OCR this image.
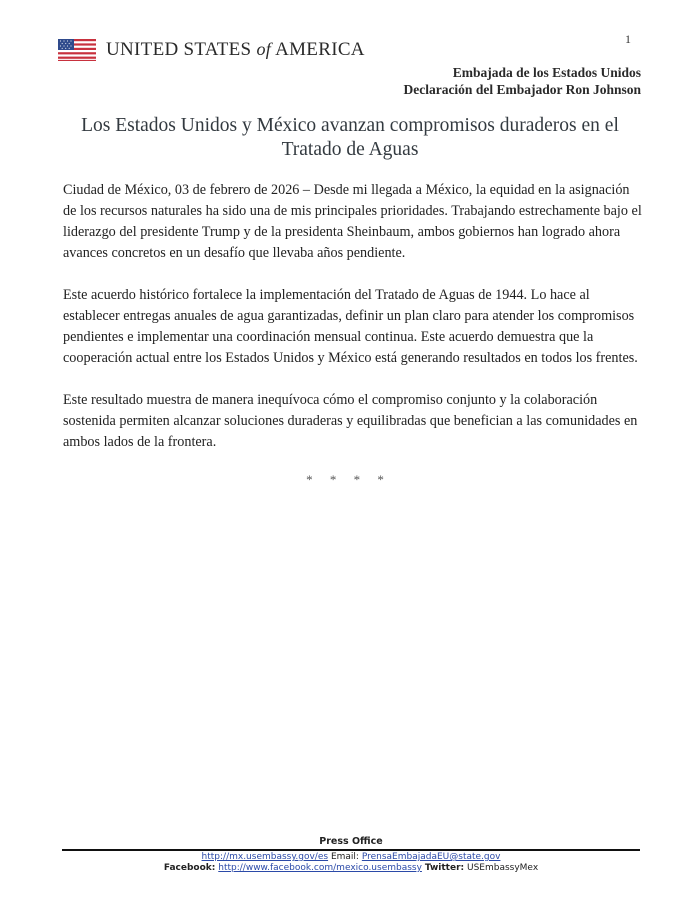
1
UNITED STATES of AMERICA
Embajada de los Estados Unidos
Declaración del Embajador Ron Johnson
Los Estados Unidos y México avanzan compromisos duraderos en el Tratado de Aguas

Ciudad de México, 03 de febrero de 2026 – Desde mi llegada a México, la equidad en la asignación de los recursos naturales ha sido una de mis principales prioridades. Trabajando estrechamente bajo el liderazgo del presidente Trump y de la presidenta Sheinbaum, ambos gobiernos han logrado ahora avances concretos en un desafío que llevaba años pendiente.

Este acuerdo histórico fortalece la implementación del Tratado de Aguas de 1944. Lo hace al establecer entregas anuales de agua garantizadas, definir un plan claro para atender los compromisos pendientes e implementar una coordinación mensual continua. Este acuerdo demuestra que la cooperación actual entre los Estados Unidos y México está generando resultados en todos los frentes.

Este resultado muestra de manera inequívoca cómo el compromiso conjunto y la colaboración sostenida permiten alcanzar soluciones duraderas y equilibradas que benefician a las comunidades en ambos lados de la frontera.

* * * *
Press Office
http://mx.usembassy.gov/es Email: PrensaEmbajadaEU@state.gov
Facebook: http://www.facebook.com/mexico.usembassy Twitter: USEmbassyMex
